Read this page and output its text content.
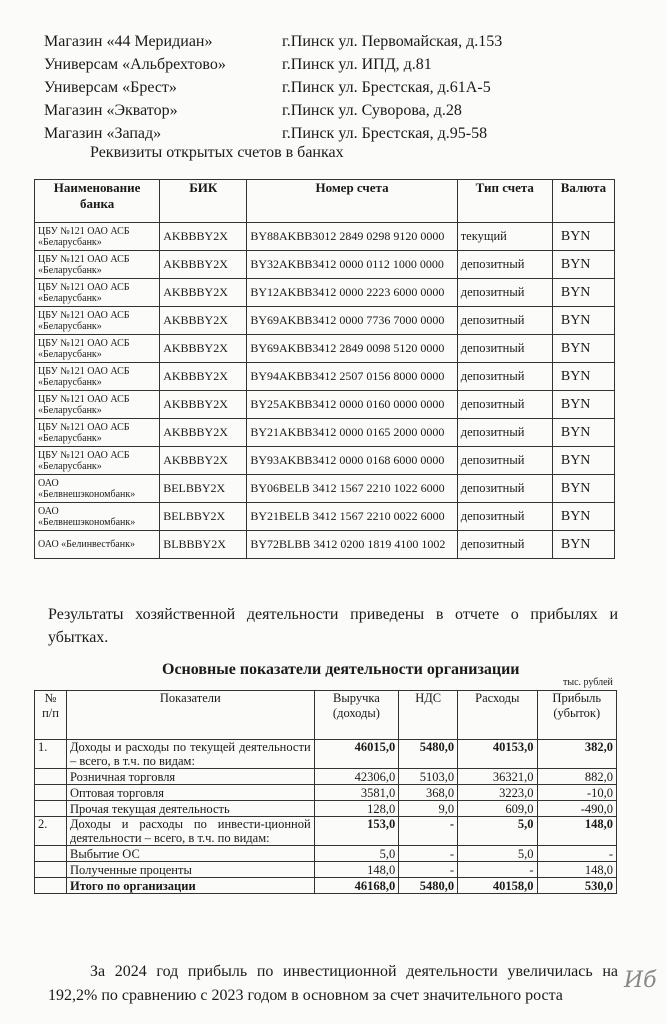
Магазин «44 Меридиан»	г.Пинск ул. Первомайская, д.153
Универсам «Альбрехтово»	г.Пинск ул. ИПД, д.81
Универсам «Брест»	г.Пинск ул. Брестская, д.61А-5
Магазин «Экватор»	г.Пинск ул. Суворова, д.28
Магазин «Запад»	г.Пинск ул. Брестская, д.95-58
Реквизиты открытых счетов в банках
Наименование банка	БИК	Номер счета	Тип счета	Валюта
ЦБУ №121 ОАО АСБ «Беларусбанк»	AKBBBY2X	BY88AKBB3012 2849 0298 9120 0000	текущий	BYN
ЦБУ №121 ОАО АСБ «Беларусбанк»	AKBBBY2X	BY32AKBB3412 0000 0112 1000 0000	депозитный	BYN
ЦБУ №121 ОАО АСБ «Беларусбанк»	AKBBBY2X	BY12AKBB3412 0000 2223 6000 0000	депозитный	BYN
ЦБУ №121 ОАО АСБ «Беларусбанк»	AKBBBY2X	BY69AKBB3412 0000 7736 7000 0000	депозитный	BYN
ЦБУ №121 ОАО АСБ «Беларусбанк»	AKBBBY2X	BY69AKBB3412 2849 0098 5120 0000	депозитный	BYN
ЦБУ №121 ОАО АСБ «Беларусбанк»	AKBBBY2X	BY94AKBB3412 2507 0156 8000 0000	депозитный	BYN
ЦБУ №121 ОАО АСБ «Беларусбанк»	AKBBBY2X	BY25AKBB3412 0000 0160 0000 0000	депозитный	BYN
ЦБУ №121 ОАО АСБ «Беларусбанк»	AKBBBY2X	BY21AKBB3412 0000 0165 2000 0000	депозитный	BYN
ЦБУ №121 ОАО АСБ «Беларусбанк»	AKBBBY2X	BY93AKBB3412 0000 0168 6000 0000	депозитный	BYN
ОАО «Белвнешэкономбанк»	BELBBY2X	BY06BELB 3412 1567 2210 1022 6000	депозитный	BYN
ОАО «Белвнешэкономбанк»	BELBBY2X	BY21BELB 3412 1567 2210 0022 6000	депозитный	BYN
ОАО «Белинвестбанк»	BLBBBY2X	BY72BLBB 3412 0200 1819 4100 1002	депозитный	BYN
Результаты хозяйственной деятельности приведены в отчете о прибылях и убытках.
Основные показатели деятельности организации
тыс. рублей
№ п/п	Показатели	Выручка (доходы)	НДС	Расходы	Прибыль (убыток)
1.	Доходы и расходы по текущей деятельности – всего, в т.ч. по видам:	46015,0	5480,0	40153,0	382,0
	Розничная торговля	42306,0	5103,0	36321,0	882,0
	Оптовая торговля	3581,0	368,0	3223,0	-10,0
	Прочая текущая деятельность	128,0	9,0	609,0	-490,0
2.	Доходы и расходы по инвести-ционной деятельности – всего, в т.ч. по видам:	153,0	-	5,0	148,0
	Выбытие ОС	5,0	-	5,0	-
	Полученные проценты	148,0	-	-	148,0
	Итого по организации	46168,0	5480,0	40158,0	530,0
За 2024 год прибыль по инвестиционной деятельности увеличилась на 192,2% по сравнению с 2023 годом в основном за счет значительного роста
Иб
